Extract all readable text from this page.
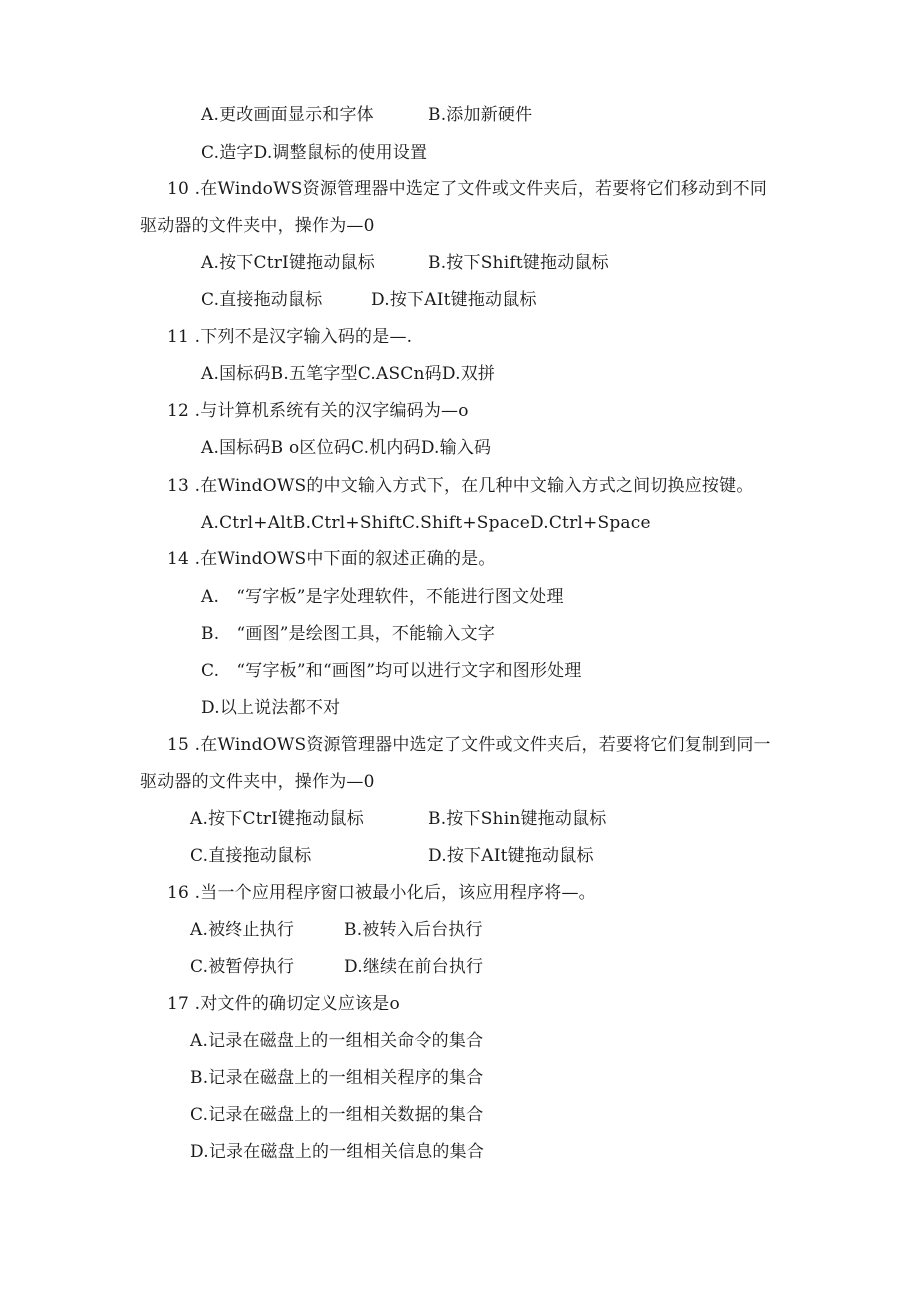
A.更改画面显示和字体	B.添加新硬件
C.造字D.调整鼠标的使用设置
10 .在WindoWS资源管理器中选定了文件或文件夹后，若要将它们移动到不同
驱动器的文件夹中，操作为—0
A.按下CtrI键拖动鼠标	B.按下Shift键拖动鼠标
C.直接拖动鼠标	D.按下AIt键拖动鼠标
11 .下列不是汉字输入码的是—.
A.国标码B.五笔字型C.ASCn码D.双拼
12 .与计算机系统有关的汉字编码为—o
A.国标码B o区位码C.机内码D.输入码
13 .在WindOWS的中文输入方式下，在几种中文输入方式之间切换应按键。
A.Ctrl+AltB.Ctrl+ShiftC.Shift+SpaceD.Ctrl+Space
14 .在WindOWS中下面的叙述正确的是。
A.　“写字板”是字处理软件，不能进行图文处理
B.　“画图”是绘图工具，不能输入文字
C.　“写字板”和“画图”均可以进行文字和图形处理
D.以上说法都不对
15 .在WindOWS资源管理器中选定了文件或文件夹后，若要将它们复制到同一
驱动器的文件夹中，操作为—0
A.按下CtrI键拖动鼠标	B.按下Shin键拖动鼠标
C.直接拖动鼠标	D.按下AIt键拖动鼠标
16 .当一个应用程序窗口被最小化后，该应用程序将—。
A.被终止执行	B.被转入后台执行
C.被暂停执行	D.继续在前台执行
17 .对文件的确切定义应该是o
A.记录在磁盘上的一组相关命令的集合
B.记录在磁盘上的一组相关程序的集合
C.记录在磁盘上的一组相关数据的集合
D.记录在磁盘上的一组相关信息的集合
